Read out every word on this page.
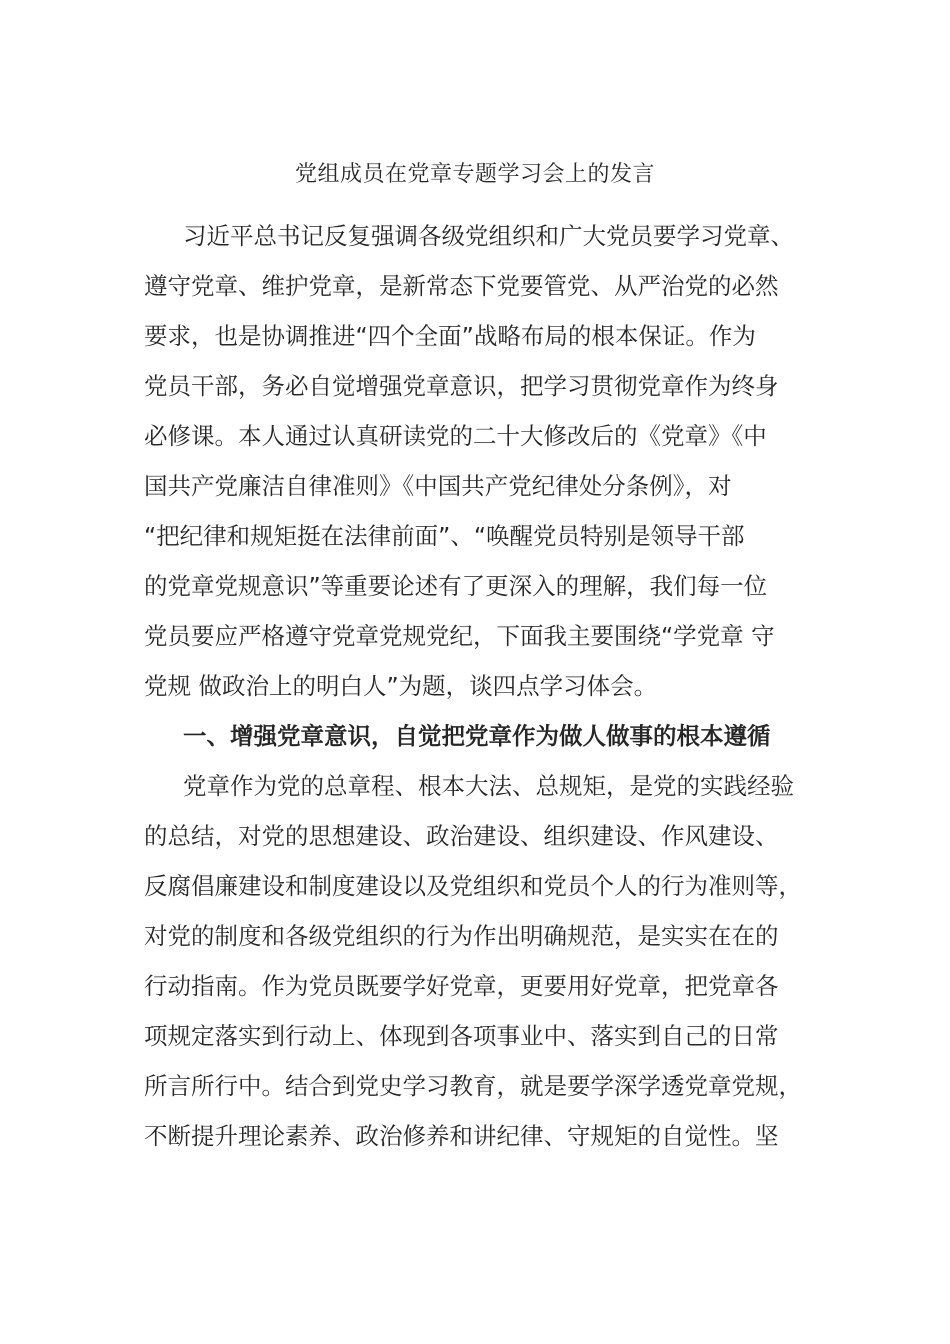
党组成员在党章专题学习会上的发言
习近平总书记反复强调各级党组织和广大党员要学习党章、
遵守党章、维护党章，是新常态下党要管党、从严治党的必然
要求，也是协调推进“四个全面”战略布局的根本保证。作为
党员干部，务必自觉增强党章意识，把学习贯彻党章作为终身
必修课。本人通过认真研读党的二十大修改后的《党章》《中
国共产党廉洁自律准则》《中国共产党纪律处分条例》，对
“把纪律和规矩挺在法律前面”、“唤醒党员特别是领导干部
的党章党规意识”等重要论述有了更深入的理解，我们每一位
党员要应严格遵守党章党规党纪，下面我主要围绕“学党章 守
党规 做政治上的明白人”为题，谈四点学习体会。
一、增强党章意识，自觉把党章作为做人做事的根本遵循
党章作为党的总章程、根本大法、总规矩，是党的实践经验
的总结，对党的思想建设、政治建设、组织建设、作风建设、
反腐倡廉建设和制度建设以及党组织和党员个人的行为准则等，
对党的制度和各级党组织的行为作出明确规范，是实实在在的
行动指南。作为党员既要学好党章，更要用好党章，把党章各
项规定落实到行动上、体现到各项事业中、落实到自己的日常
所言所行中。结合到党史学习教育，就是要学深学透党章党规，
不断提升理论素养、政治修养和讲纪律、守规矩的自觉性。坚
